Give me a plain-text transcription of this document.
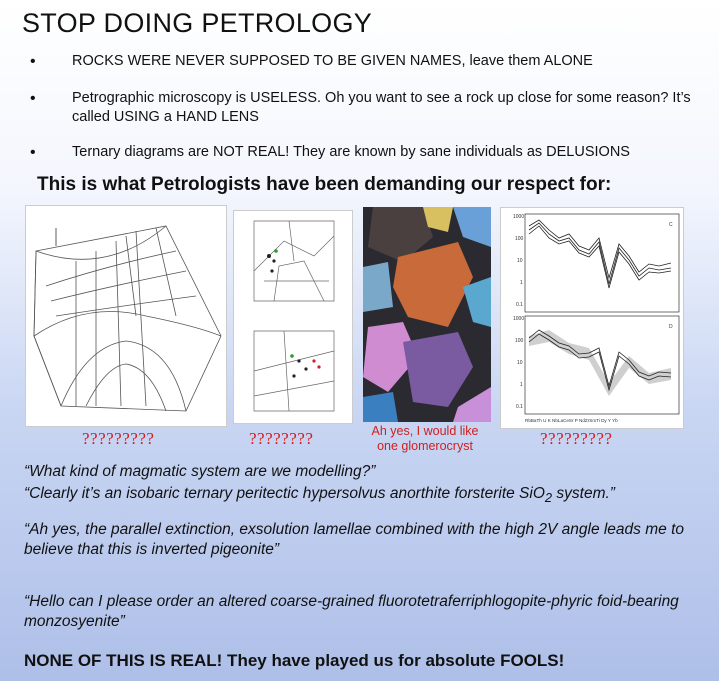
STOP DOING PETROLOGY
•	ROCKS WERE NEVER SUPPOSED TO BE GIVEN NAMES, leave them ALONE
•	Petrographic microscopy is USELESS. Oh you want to see a rock up close for some reason? It’s called USING a HAND LENS
•	Ternary diagrams are NOT REAL! They are known by sane individuals as DELUSIONS
This is what Petrologists have been demanding our respect for:
1000
100
10
1
0.1
1000
100
10
1
0.1
C
D
RbBaTh U K NbLaCeSr P NdZrSmTi Dy Y Yb
?????????	????????	Ah yes, I would like one glomerocryst	?????????
“What kind of magmatic system are we modelling?”
“Clearly it’s an isobaric ternary peritectic hypersolvus anorthite forsterite SiO$_2$ system.”
“Ah yes, the parallel extinction, exsolution lamellae combined with the high 2V angle leads me to believe that this is inverted pigeonite”
“Hello can I please order an altered coarse-grained fluorotetraferriphlogopite-phyric foid-bearing monzosyenite”
NONE OF THIS IS REAL! They have played us for absolute FOOLS!
